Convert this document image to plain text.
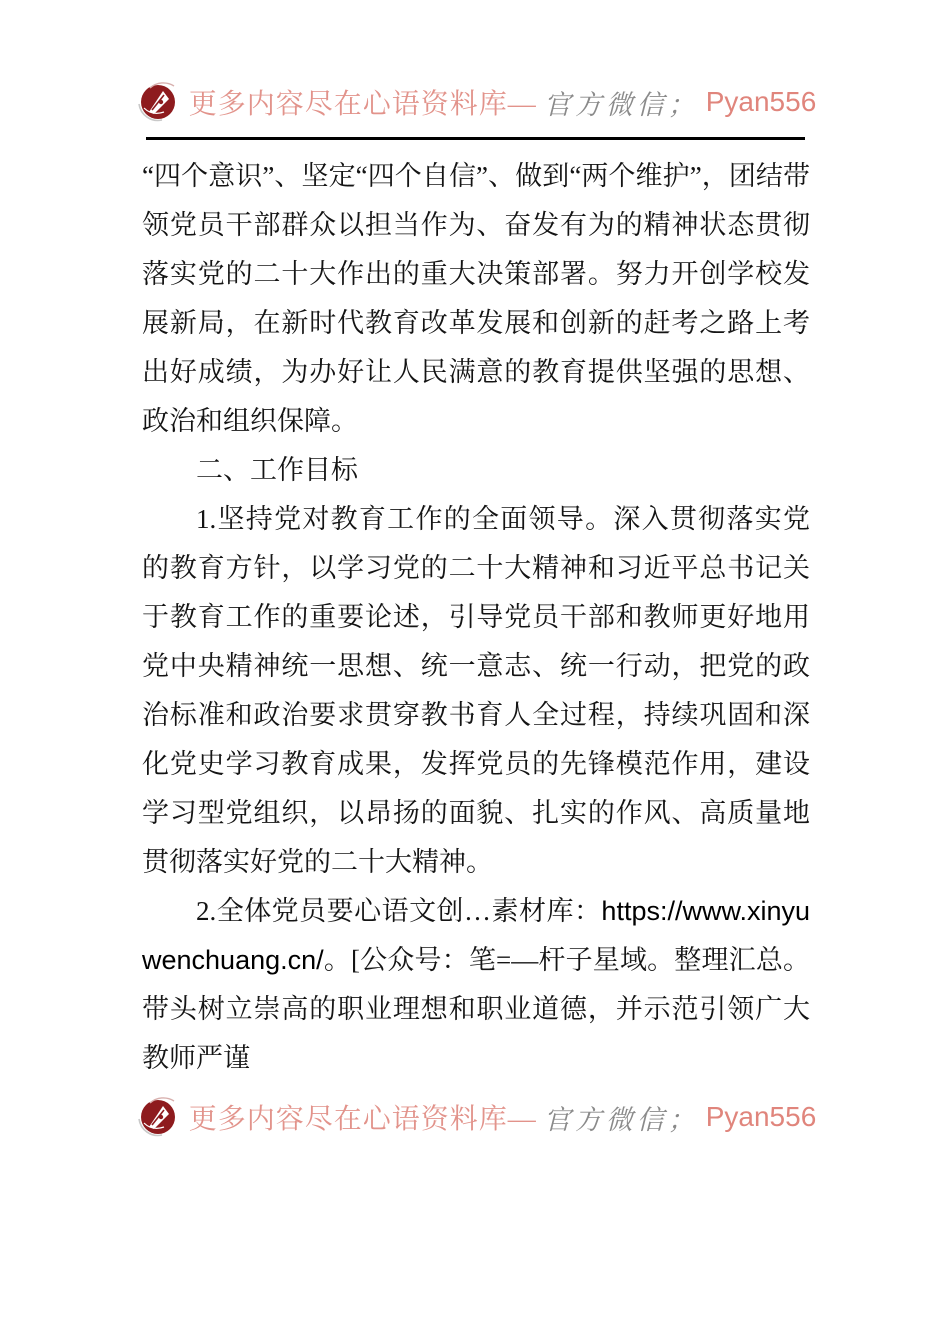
更多内容尽在心语资料库— 官方微信； Pyan556

“四个意识”、坚定“四个自信”、做到“两个维护”，团结带领党员干部群众以担当作为、奋发有为的精神状态贯彻落实党的二十大作出的重大决策部署。努力开创学校发展新局，在新时代教育改革发展和创新的赶考之路上考出好成绩，为办好让人民满意的教育提供坚强的思想、政治和组织保障。

二、工作目标

1.坚持党对教育工作的全面领导。深入贯彻落实党的教育方针，以学习党的二十大精神和习近平总书记关于教育工作的重要论述，引导党员干部和教师更好地用党中央精神统一思想、统一意志、统一行动，把党的政治标准和政治要求贯穿教书育人全过程，持续巩固和深化党史学习教育成果，发挥党员的先锋模范作用，建设学习型党组织，以昂扬的面貌、扎实的作风、高质量地贯彻落实好党的二十大精神。

2.全体党员要心语文创…素材库：https://www.xinyuwenchuang.cn/。[公众号：笔=—杆子星域。整理汇总。带头树立崇高的职业理想和职业道德，并示范引领广大教师严谨

更多内容尽在心语资料库— 官方微信； Pyan556
